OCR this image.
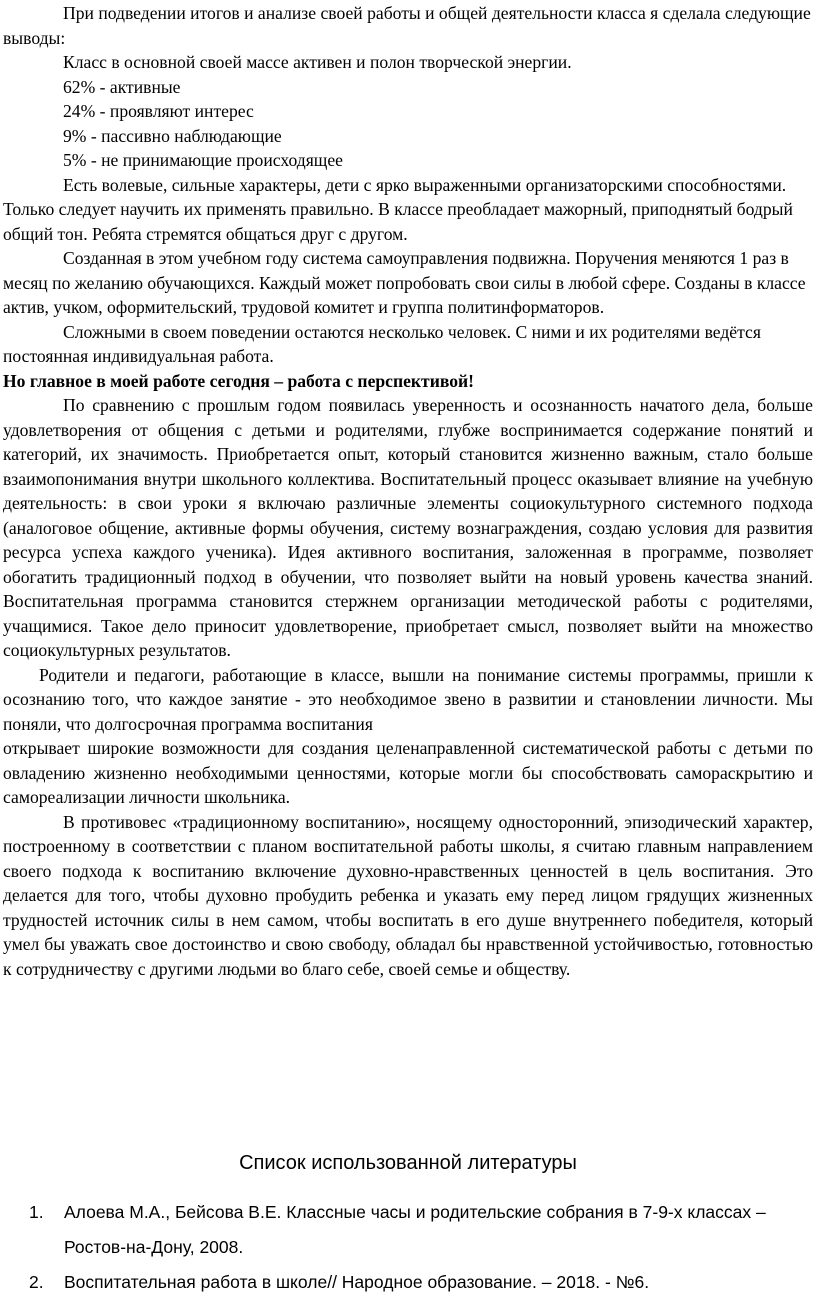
При подведении итогов и анализе своей работы и общей деятельности класса я сделала следующие выводы:

Класс в основной своей массе активен и полон творческой энергии.

62% - активные

24% - проявляют интерес

9% - пассивно наблюдающие

5% - не принимающие происходящее

Есть волевые, сильные характеры, дети с ярко выраженными организаторскими способностями. Только следует научить их применять правильно. В классе преобладает мажорный, приподнятый бодрый общий тон. Ребята стремятся общаться друг с другом.

Созданная в этом учебном году система самоуправления подвижна. Поручения меняются 1 раз в месяц по желанию обучающихся. Каждый может попробовать свои силы в любой сфере. Созданы в классе актив, учком, оформительский, трудовой комитет и группа политинформаторов.

Сложными в своем поведении остаются несколько человек. С ними и их родителями ведётся постоянная индивидуальная работа.

Но главное в моей работе сегодня – работа с перспективой!

По сравнению с прошлым годом появилась уверенность и осознанность начатого дела, больше удовлетворения от общения с детьми и родителями, глубже воспринимается содержание понятий и категорий, их значимость. Приобретается опыт, который становится жизненно важным, стало больше взаимопонимания внутри школьного коллектива. Воспитательный процесс оказывает влияние на учебную деятельность: в свои уроки я включаю различные элементы социокультурного системного подхода (аналоговое общение, активные формы обучения, систему вознаграждения, создаю условия для развития ресурса успеха каждого ученика). Идея активного воспитания, заложенная в программе, позволяет обогатить традиционный подход в обучении, что позволяет выйти на новый уровень качества знаний. Воспитательная программа становится стержнем организации методической работы с родителями, учащимися. Такое дело приносит удовлетворение, приобретает смысл, позволяет выйти на множество социокультурных результатов.

Родители и педагоги, работающие в классе, вышли на понимание системы программы, пришли к осознанию того, что каждое занятие - это необходимое звено в развитии и становлении личности. Мы поняли, что долгосрочная программа воспитания

открывает широкие возможности для создания целенаправленной систематической работы с детьми по овладению жизненно необходимыми ценностями, которые могли бы способствовать самораскрытию и самореализации личности школьника.

В противовес «традиционному воспитанию», носящему односторонний, эпизодический характер, построенному в соответствии с планом воспитательной работы школы, я считаю главным направлением своего подхода к воспитанию включение духовно-нравственных ценностей в цель воспитания. Это делается для того, чтобы духовно пробудить ребенка и указать ему перед лицом грядущих жизненных трудностей источник силы в нем самом, чтобы воспитать в его душе внутреннего победителя, который умел бы уважать свое достоинство и свою свободу, обладал бы нравственной устойчивостью, готовностью к сотрудничеству с другими людьми во благо себе, своей семье и обществу.

Список использованной литературы
1. Алоева М.А., Бейсова В.Е. Классные часы и родительские собрания в 7-9-х классах – Ростов-на-Дону, 2008.
2. Воспитательная работа в школе// Народное образование. – 2018. - №6.
